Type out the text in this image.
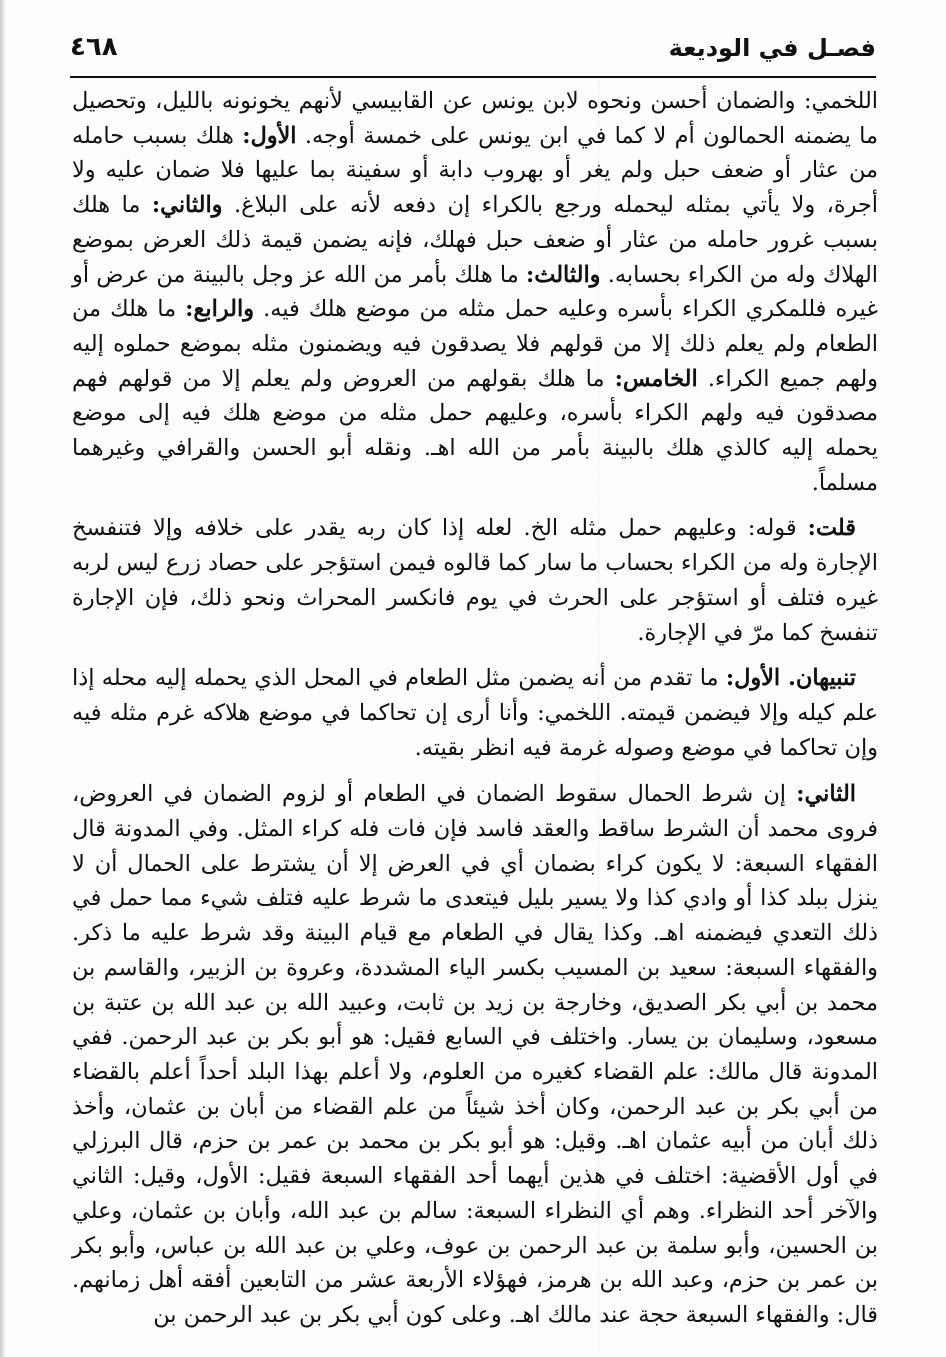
فصـل في الوديعة
٤٦٨

اللخمي: والضمان أحسن ونحوه لابن يونس عن القابيسي لأنهم يخونونه بالليل، وتحصيل ما يضمنه الحمالون أم لا كما في ابن يونس على خمسة أوجه. الأول: هلك بسبب حامله من عثار أو ضعف حبل ولم يغر أو بهروب دابة أو سفينة بما عليها فلا ضمان عليه ولا أجرة، ولا يأتي بمثله ليحمله ورجع بالكراء إن دفعه لأنه على البلاغ. والثاني: ما هلك بسبب غرور حامله من عثار أو ضعف حبل فهلك، فإنه يضمن قيمة ذلك العرض بموضع الهلاك وله من الكراء بحسابه. والثالث: ما هلك بأمر من الله عز وجل بالبينة من عرض أو غيره فللمكري الكراء بأسره وعليه حمل مثله من موضع هلك فيه. والرابع: ما هلك من الطعام ولم يعلم ذلك إلا من قولهم فلا يصدقون فيه ويضمنون مثله بموضع حملوه إليه ولهم جميع الكراء. الخامس: ما هلك بقولهم من العروض ولم يعلم إلا من قولهم فهم مصدقون فيه ولهم الكراء بأسره، وعليهم حمل مثله من موضع هلك فيه إلى موضع يحمله إليه كالذي هلك بالبينة بأمر من الله اهـ. ونقله أبو الحسن والقرافي وغيرهما مسلماً.

قلت: قوله: وعليهم حمل مثله الخ. لعله إذا كان ربه يقدر على خلافه وإلا فتنفسخ الإجارة وله من الكراء بحساب ما سار كما قالوه فيمن استؤجر على حصاد زرع ليس لربه غيره فتلف أو استؤجر على الحرث في يوم فانكسر المحراث ونحو ذلك، فإن الإجارة تنفسخ كما مرّ في الإجارة.

تنبيهان. الأول: ما تقدم من أنه يضمن مثل الطعام في المحل الذي يحمله إليه محله إذا علم كيله وإلا فيضمن قيمته. اللخمي: وأنا أرى إن تحاكما في موضع هلاكه غرم مثله فيه وإن تحاكما في موضع وصوله غرمة فيه انظر بقيته.

الثاني: إن شرط الحمال سقوط الضمان في الطعام أو لزوم الضمان في العروض، فروى محمد أن الشرط ساقط والعقد فاسد فإن فات فله كراء المثل. وفي المدونة قال الفقهاء السبعة: لا يكون كراء بضمان أي في العرض إلا أن يشترط على الحمال أن لا ينزل ببلد كذا أو وادي كذا ولا يسير بليل فيتعدى ما شرط عليه فتلف شيء مما حمل في ذلك التعدي فيضمنه اهـ. وكذا يقال في الطعام مع قيام البينة وقد شرط عليه ما ذكر. والفقهاء السبعة: سعيد بن المسيب بكسر الياء المشددة، وعروة بن الزبير، والقاسم بن محمد بن أبي بكر الصديق، وخارجة بن زيد بن ثابت، وعبيد الله بن عبد الله بن عتبة بن مسعود، وسليمان بن يسار. واختلف في السابع فقيل: هو أبو بكر بن عبد الرحمن. ففي المدونة قال مالك: علم القضاء كغيره من العلوم، ولا أعلم بهذا البلد أحداً أعلم بالقضاء من أبي بكر بن عبد الرحمن، وكان أخذ شيئاً من علم القضاء من أبان بن عثمان، وأخذ ذلك أبان من أبيه عثمان اهـ. وقيل: هو أبو بكر بن محمد بن عمر بن حزم، قال البرزلي في أول الأقضية: اختلف في هذين أيهما أحد الفقهاء السبعة فقيل: الأول، وقيل: الثاني والآخر أحد النظراء. وهم أي النظراء السبعة: سالم بن عبد الله، وأبان بن عثمان، وعلي بن الحسين، وأبو سلمة بن عبد الرحمن بن عوف، وعلي بن عبد الله بن عباس، وأبو بكر بن عمر بن حزم، وعبد الله بن هرمز، فهؤلاء الأربعة عشر من التابعين أفقه أهل زمانهم. قال: والفقهاء السبعة حجة عند مالك اهـ. وعلى كون أبي بكر بن عبد الرحمن بن
